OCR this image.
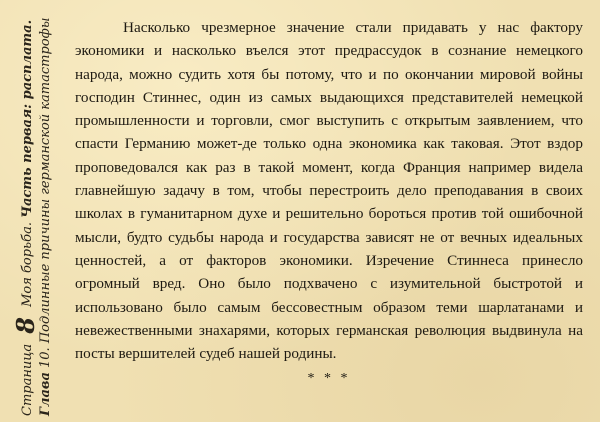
Страница 8 Моя борьба. Часть первая: расплата.
Глава 10. Подлинные причины германской катастрофы	Насколько чрезмерное значение стали придавать у нас фактору экономики и насколько въелся этот предрассудок в сознание немецкого народа, можно судить хотя бы потому, что и по окончании мировой войны господин Стиннес, один из самых выдающихся представителей немецкой промышленности и торговли, смог выступить с открытым заявлением, что спасти Германию может-де только одна экономика как таковая. Этот вздор проповедовался как раз в такой момент, когда Франция например видела главнейшую задачу в том, чтобы перестроить дело преподавания в своих школах в гуманитарном духе и решительно бороться против той ошибочной мысли, будто судьбы народа и государства зависят не от вечных идеальных ценностей, а от факторов экономики. Изречение Стиннеса принесло огромный вред. Оно было подхвачено с изумительной быстротой и использовано было самым бессовестным образом теми шарлатанами и невежественными знахарями, которых германская революция выдвинула на посты вершителей судеб нашей родины.

* * *
